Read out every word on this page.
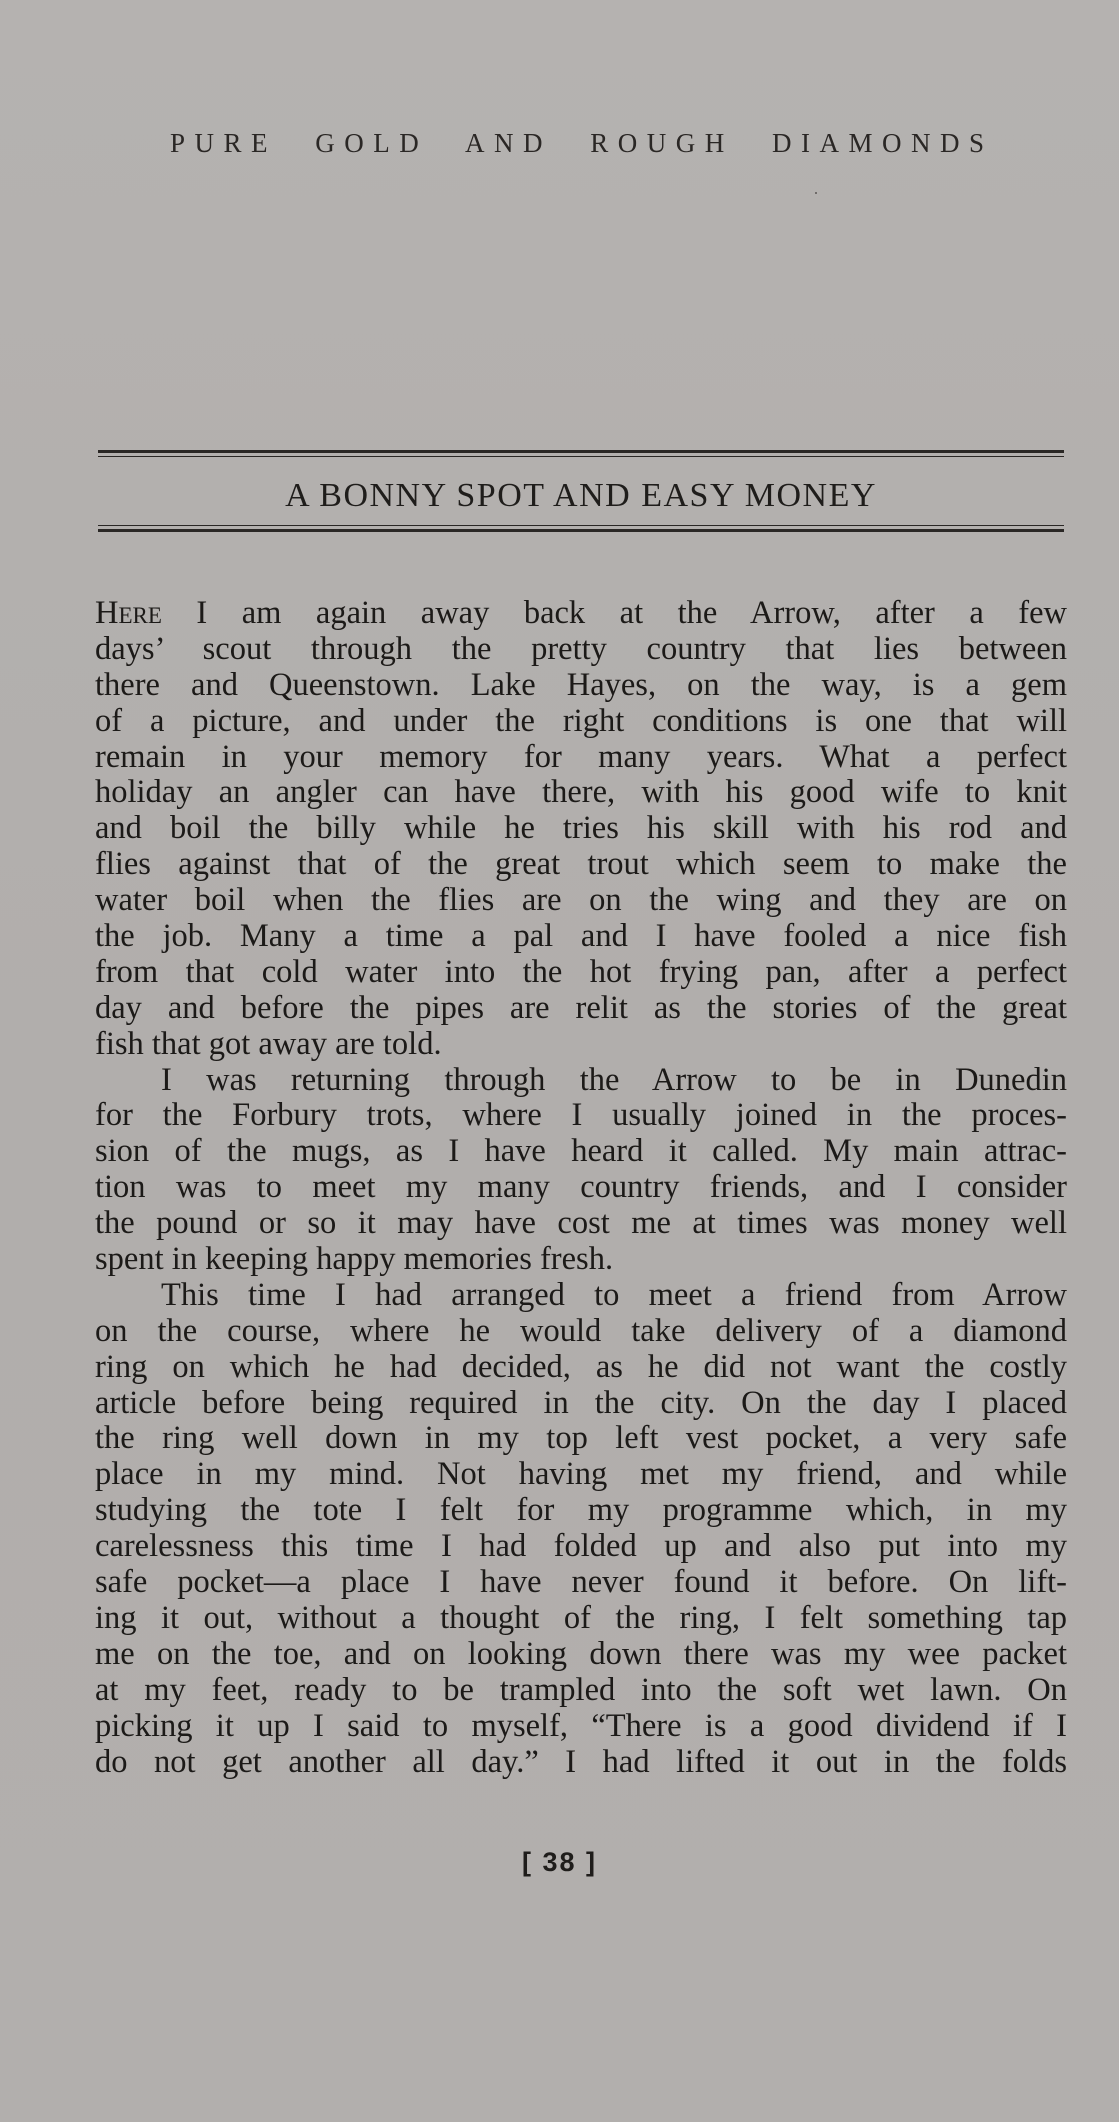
PURE GOLD AND ROUGH DIAMONDS
A BONNY SPOT AND EASY MONEY
Here I am again away back at the Arrow, after a few
days’ scout through the pretty country that lies between
there and Queenstown. Lake Hayes, on the way, is a gem
of a picture, and under the right conditions is one that will
remain in your memory for many years. What a perfect
holiday an angler can have there, with his good wife to knit
and boil the billy while he tries his skill with his rod and
flies against that of the great trout which seem to make the
water boil when the flies are on the wing and they are on
the job. Many a time a pal and I have fooled a nice fish
from that cold water into the hot frying pan, after a perfect
day and before the pipes are relit as the stories of the great
fish that got away are told.
I was returning through the Arrow to be in Dunedin
for the Forbury trots, where I usually joined in the proces-
sion of the mugs, as I have heard it called. My main attrac-
tion was to meet my many country friends, and I consider
the pound or so it may have cost me at times was money well
spent in keeping happy memories fresh.
This time I had arranged to meet a friend from Arrow
on the course, where he would take delivery of a diamond
ring on which he had decided, as he did not want the costly
article before being required in the city. On the day I placed
the ring well down in my top left vest pocket, a very safe
place in my mind. Not having met my friend, and while
studying the tote I felt for my programme which, in my
carelessness this time I had folded up and also put into my
safe pocket—a place I have never found it before. On lift-
ing it out, without a thought of the ring, I felt something tap
me on the toe, and on looking down there was my wee packet
at my feet, ready to be trampled into the soft wet lawn. On
picking it up I said to myself, “There is a good dividend if I
do not get another all day.” I had lifted it out in the folds
[ 38 ]
